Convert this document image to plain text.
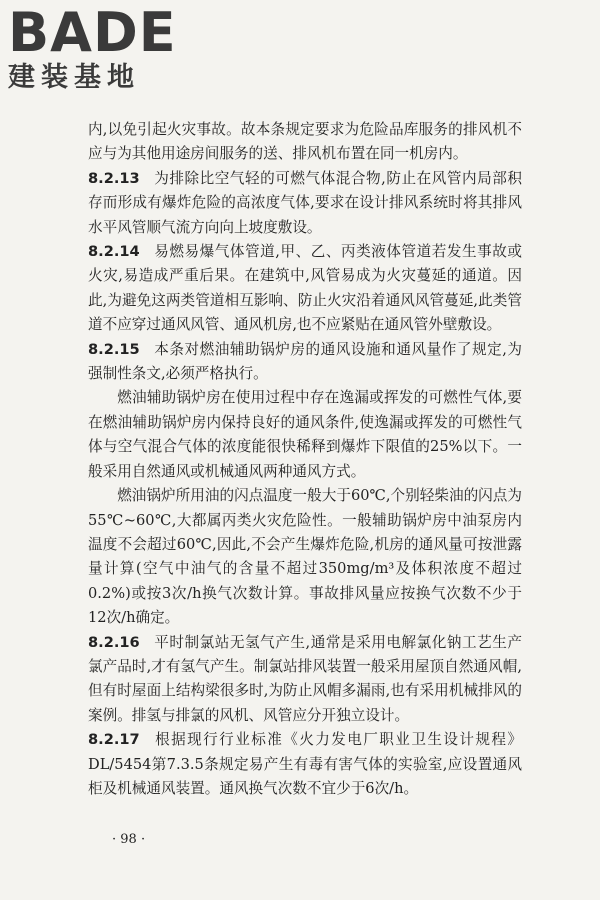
BADE
建装基地

内,以免引起火灾事故。故本条规定要求为危险品库服务的排风机不应与为其他用途房间服务的送、排风机布置在同一机房内。

8.2.13 为排除比空气轻的可燃气体混合物,防止在风管内局部积存而形成有爆炸危险的高浓度气体,要求在设计排风系统时将其排风水平风管顺气流方向向上坡度敷设。

8.2.14 易燃易爆气体管道,甲、乙、丙类液体管道若发生事故或火灾,易造成严重后果。在建筑中,风管易成为火灾蔓延的通道。因此,为避免这两类管道相互影响、防止火灾沿着通风风管蔓延,此类管道不应穿过通风风管、通风机房,也不应紧贴在通风管外壁敷设。

8.2.15 本条对燃油辅助锅炉房的通风设施和通风量作了规定,为强制性条文,必须严格执行。

燃油辅助锅炉房在使用过程中存在逸漏或挥发的可燃性气体,要在燃油辅助锅炉房内保持良好的通风条件,使逸漏或挥发的可燃性气体与空气混合气体的浓度能很快稀释到爆炸下限值的25%以下。一般采用自然通风或机械通风两种通风方式。

燃油锅炉所用油的闪点温度一般大于60℃,个别轻柴油的闪点为55℃~60℃,大都属丙类火灾危险性。一般辅助锅炉房中油泵房内温度不会超过60℃,因此,不会产生爆炸危险,机房的通风量可按泄露量计算(空气中油气的含量不超过350mg/m³及体积浓度不超过0.2%)或按3次/h换气次数计算。事故排风量应按换气次数不少于12次/h确定。

8.2.16 平时制氯站无氢气产生,通常是采用电解氯化钠工艺生产氯产品时,才有氢气产生。制氯站排风装置一般采用屋顶自然通风帽,但有时屋面上结构梁很多时,为防止风帽多漏雨,也有采用机械排风的案例。排氢与排氯的风机、风管应分开独立设计。

8.2.17 根据现行行业标准《火力发电厂职业卫生设计规程》DL/5454第7.3.5条规定易产生有毒有害气体的实验室,应设置通风柜及机械通风装置。通风换气次数不宜少于6次/h。

· 98 ·
